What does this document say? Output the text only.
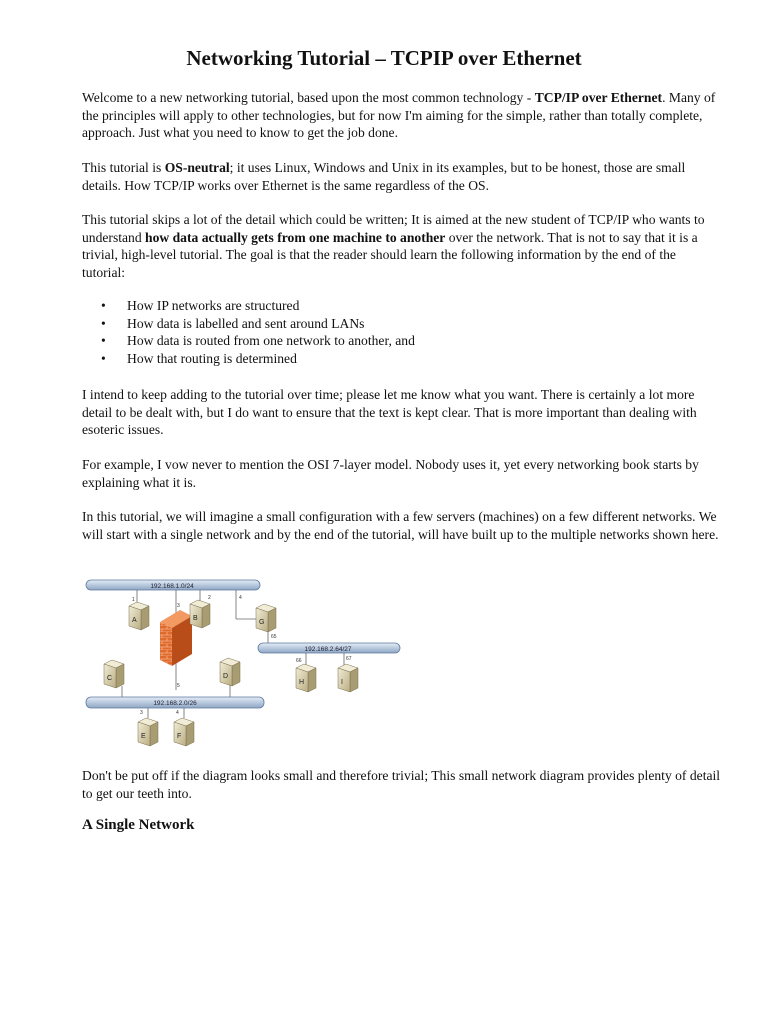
Networking Tutorial – TCPIP over Ethernet

Welcome to a new networking tutorial, based upon the most common technology - TCP/IP over Ethernet. Many of the principles will apply to other technologies, but for now I'm aiming for the simple, rather than totally complete, approach. Just what you need to know to get the job done.

This tutorial is OS-neutral; it uses Linux, Windows and Unix in its examples, but to be honest, those are small details. How TCP/IP works over Ethernet is the same regardless of the OS.

This tutorial skips a lot of the detail which could be written; It is aimed at the new student of TCP/IP who wants to understand how data actually gets from one machine to another over the network. That is not to say that it is a trivial, high-level tutorial. The goal is that the reader should learn the following information by the end of the tutorial:

• How IP networks are structured
• How data is labelled and sent around LANs
• How data is routed from one network to another, and
• How that routing is determined

I intend to keep adding to the tutorial over time; please let me know what you want. There is certainly a lot more detail to be dealt with, but I do want to ensure that the text is kept clear. That is more important than dealing with esoteric issues.

For example, I vow never to mention the OSI 7-layer model. Nobody uses it, yet every networking book starts by explaining what it is.

In this tutorial, we will imagine a small configuration with a few servers (machines) on a few different networks. We will start with a single network and by the end of the tutorial, will have built up to the multiple networks shown here.

192.168.1.0/24
192.168.2.64/27
192.168.2.0/26
1	2
3
4
65
5
66	67
3	4
A	B
G
C	D
H	I
E	F

Don't be put off if the diagram looks small and therefore trivial; This small network diagram provides plenty of detail to get our teeth into.

A Single Network
